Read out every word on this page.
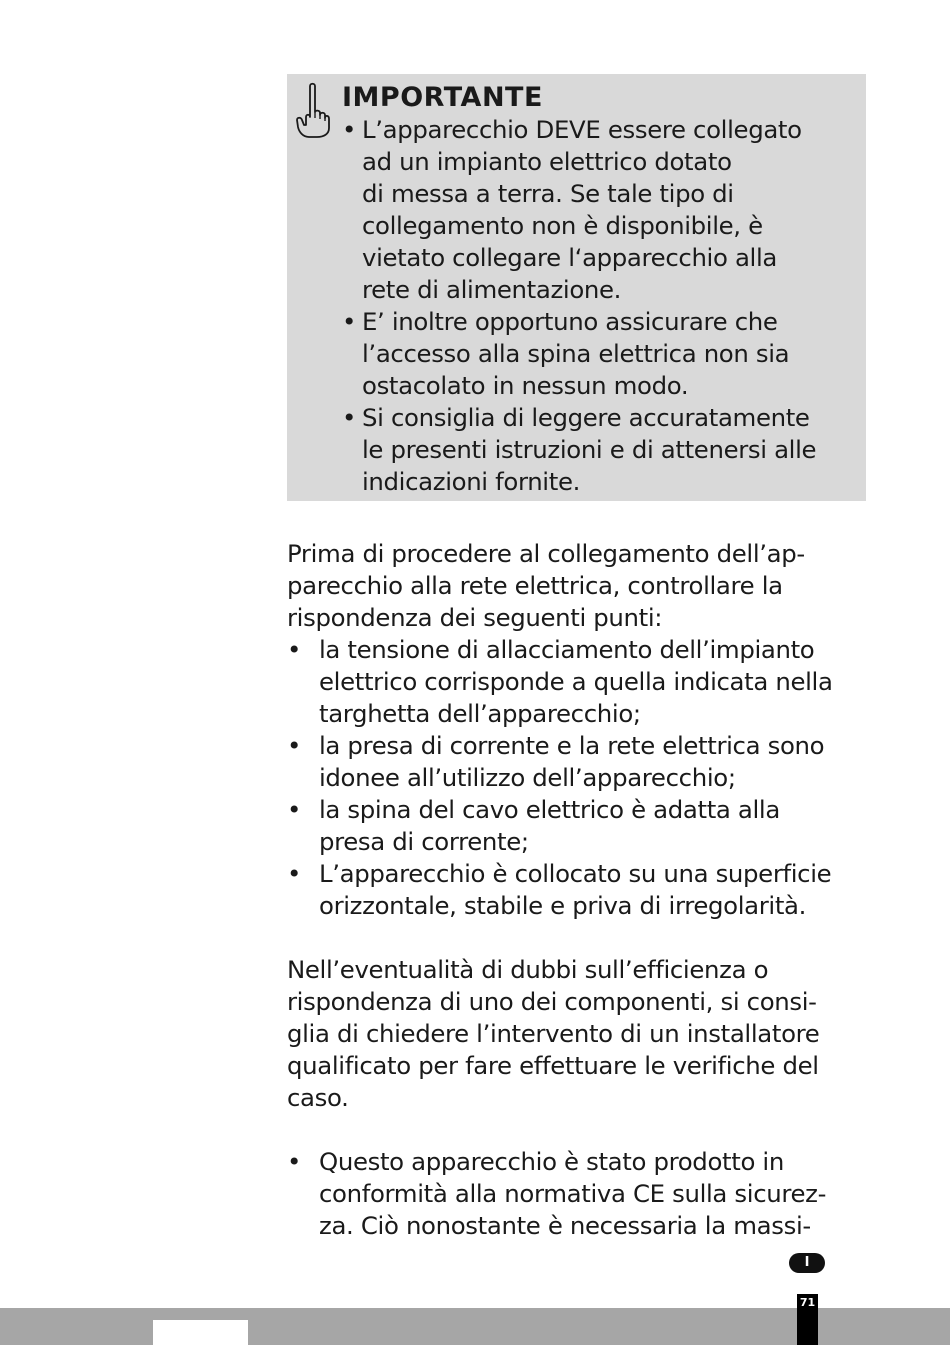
IMPORTANTE
• L’apparecchio DEVE essere collegato
ad un impianto elettrico dotato
di messa a terra. Se tale tipo di
collegamento non è disponibile, è
vietato collegare l‘apparecchio alla
rete di alimentazione.
• E’ inoltre opportuno assicurare che
l’accesso alla spina elettrica non sia
ostacolato in nessun modo.
• Si consiglia di leggere accuratamente
le presenti istruzioni e di attenersi alle
indicazioni fornite.

Prima di procedere al collegamento dell’ap-
parecchio alla rete elettrica, controllare la
rispondenza dei seguenti punti:

• la tensione di allacciamento dell’impianto
elettrico corrisponde a quella indicata nella
targhetta dell’apparecchio;
• la presa di corrente e la rete elettrica sono
idonee all’utilizzo dell’apparecchio;
• la spina del cavo elettrico è adatta alla
presa di corrente;
• L’apparecchio è collocato su una superficie
orizzontale, stabile e priva di irregolarità.

Nell’eventualità di dubbi sull’efficienza o
rispondenza di uno dei componenti, si consi-
glia di chiedere l’intervento di un installatore
qualificato per fare effettuare le verifiche del
caso.

• Questo apparecchio è stato prodotto in
conformità alla normativa CE sulla sicurez-
za. Ciò nonostante è necessaria la massi-
I
71
